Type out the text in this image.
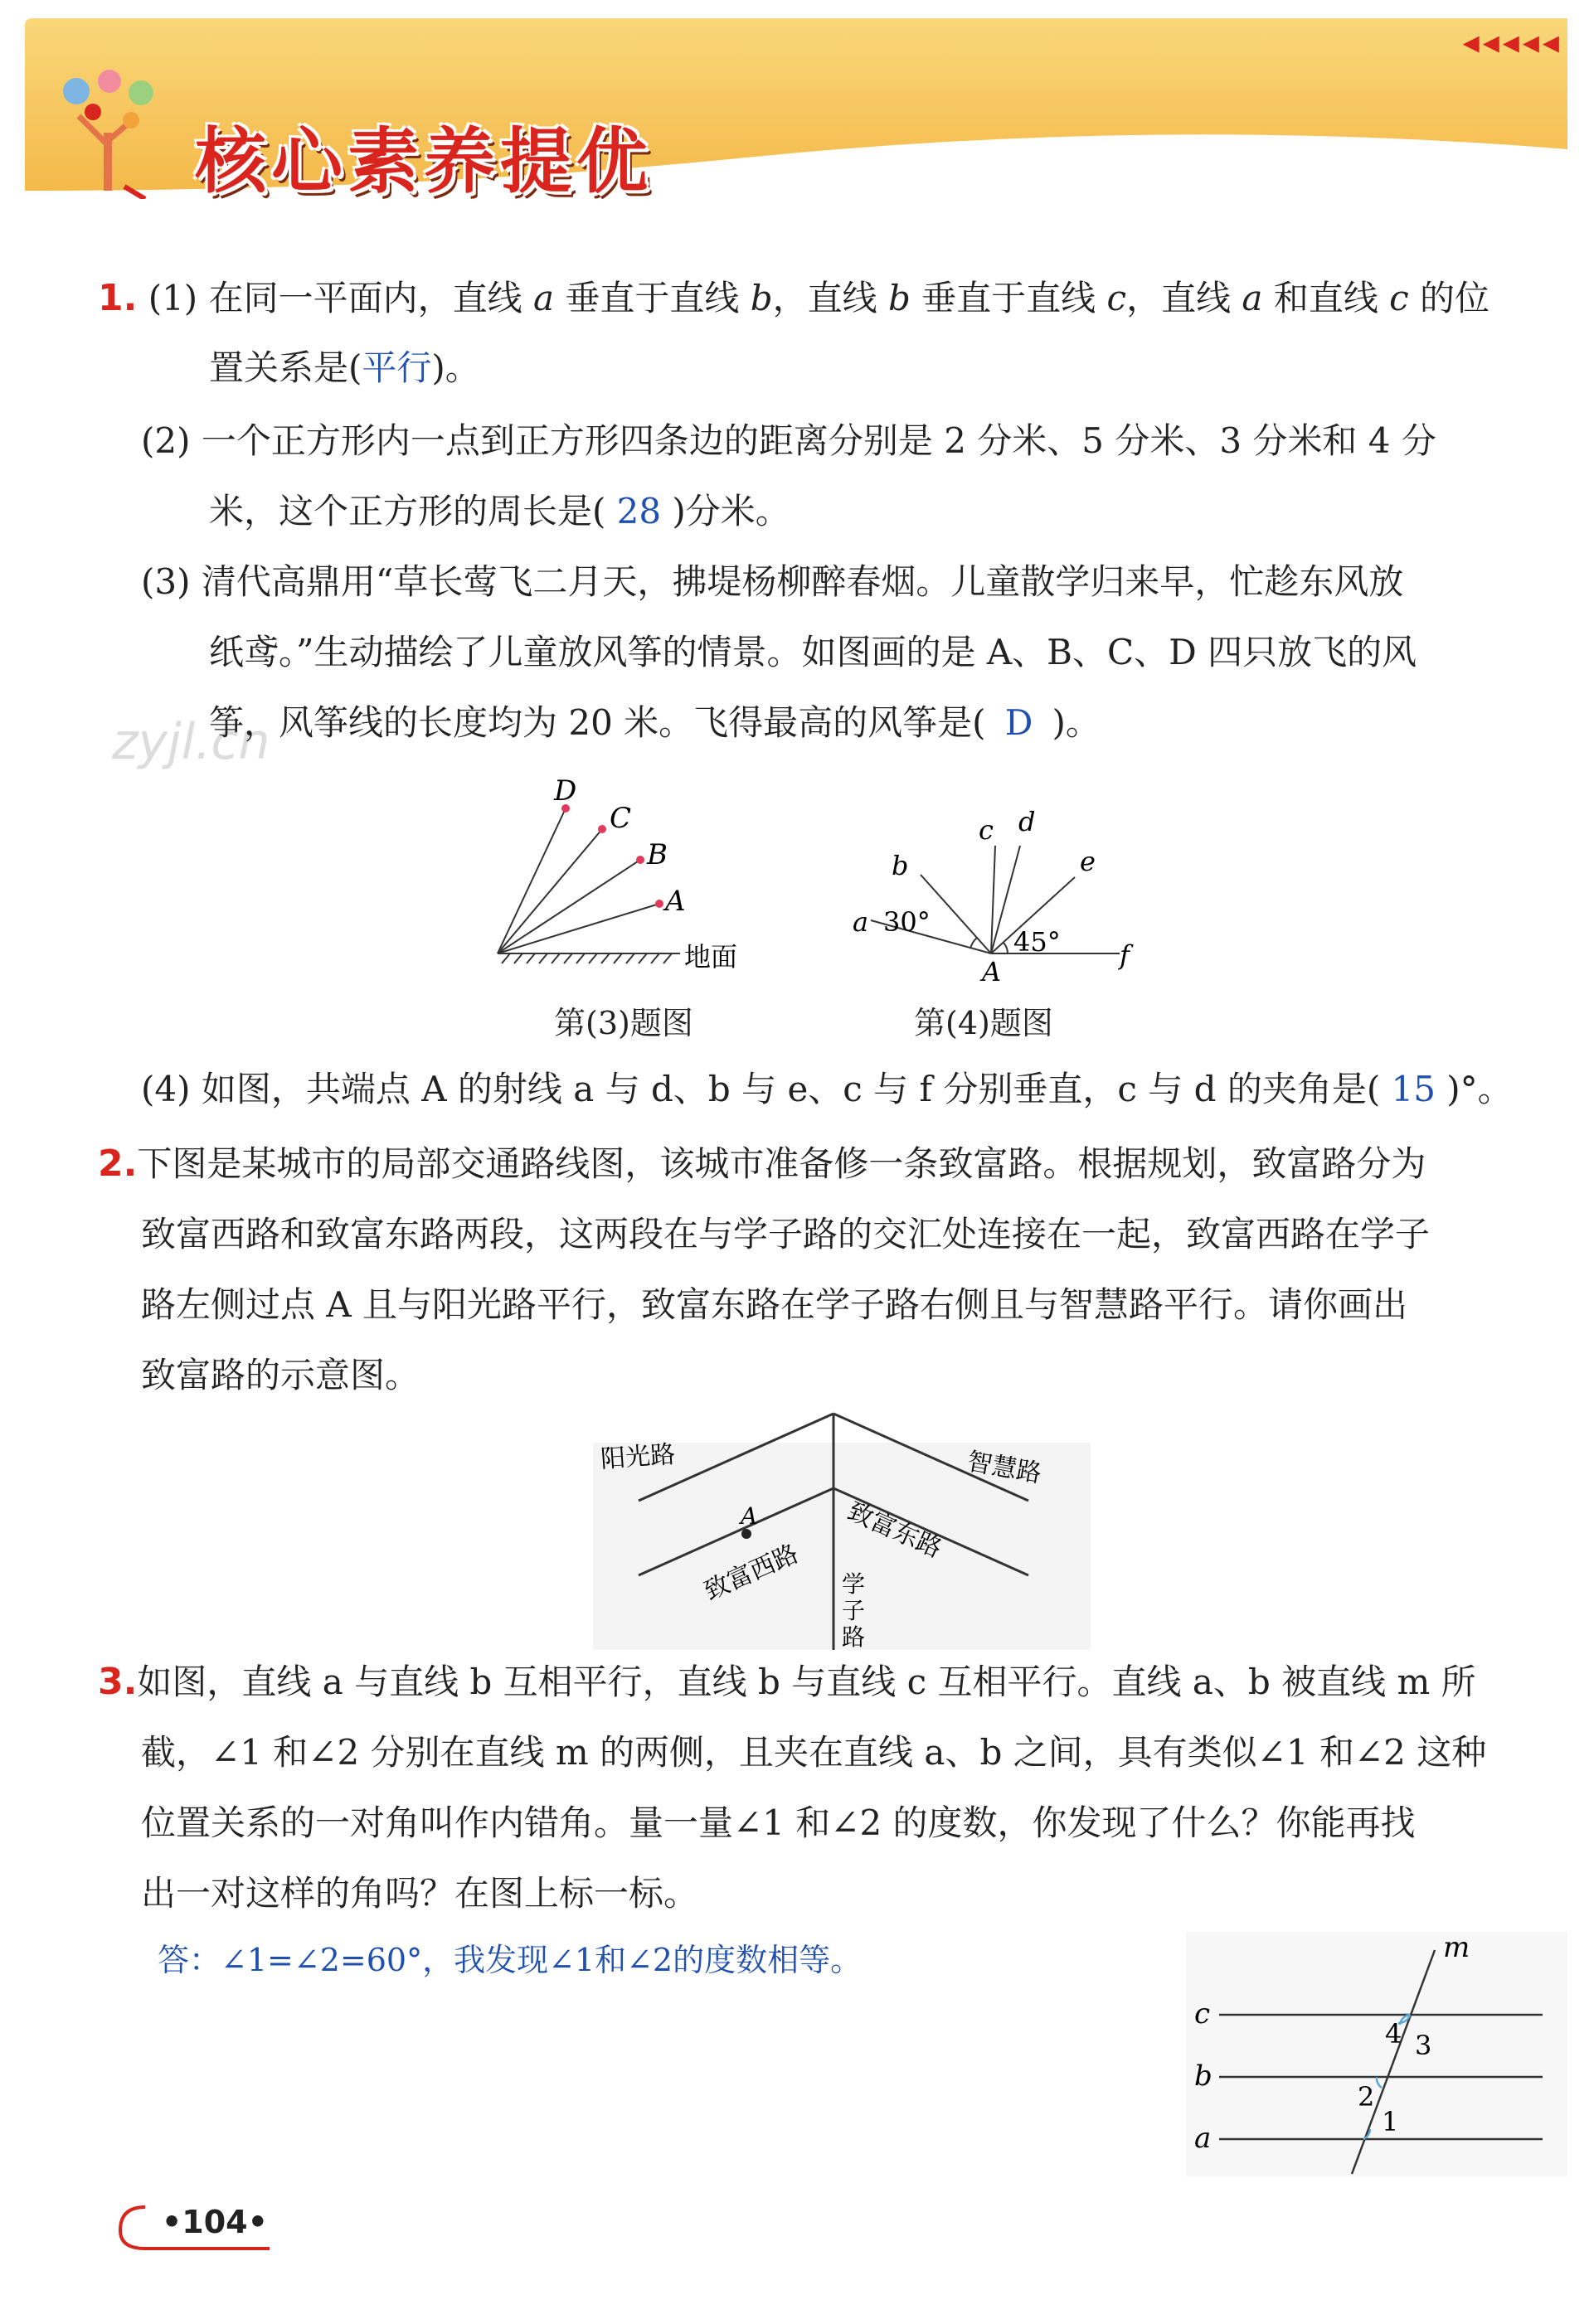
核心素养提优
◂◂◂◂◂
zyjl.cn
1. (1) 在同一平面内，直线 a 垂直于直线 b，直线 b 垂直于直线 c，直线 a 和直线 c 的位
置关系是(平行)。
(2) 一个正方形内一点到正方形四条边的距离分别是 2 分米、5 分米、3 分米和 4 分
米，这个正方形的周长是( 28 )分米。
(3) 清代高鼎用“草长莺飞二月天，拂堤杨柳醉春烟。儿童散学归来早，忙趁东风放
纸鸢。”生动描绘了儿童放风筝的情景。如图画的是 A、B、C、D 四只放飞的风
筝，风筝线的长度均为 20 米。飞得最高的风筝是( D )。
D
C
B
A
地面
第(3)题图
a 30°
b
c d
e
45° f
A
第(4)题图
(4) 如图，共端点 A 的射线 a 与 d、b 与 e、c 与 f 分别垂直，c 与 d 的夹角是( 15 )°。
2.下图是某城市的局部交通路线图，该城市准备修一条致富路。根据规划，致富路分为
致富西路和致富东路两段，这两段在与学子路的交汇处连接在一起，致富西路在学子
路左侧过点 A 且与阳光路平行，致富东路在学子路右侧且与智慧路平行。请你画出
致富路的示意图。
A
阳光路	智慧路
致富西路
致富东路
学
子
路
3.如图，直线 a 与直线 b 互相平行，直线 b 与直线 c 互相平行。直线 a、b 被直线 m 所
截，∠1 和∠2 分别在直线 m 的两侧，且夹在直线 a、b 之间，具有类似∠1 和∠2 这种
位置关系的一对角叫作内错角。量一量∠1 和∠2 的度数，你发现了什么？你能再找
出一对这样的角吗？在图上标一标。
答：∠1=∠2=60°，我发现∠1和∠2的度数相等。	m
c
b
a
4 3
2
1
•104•
